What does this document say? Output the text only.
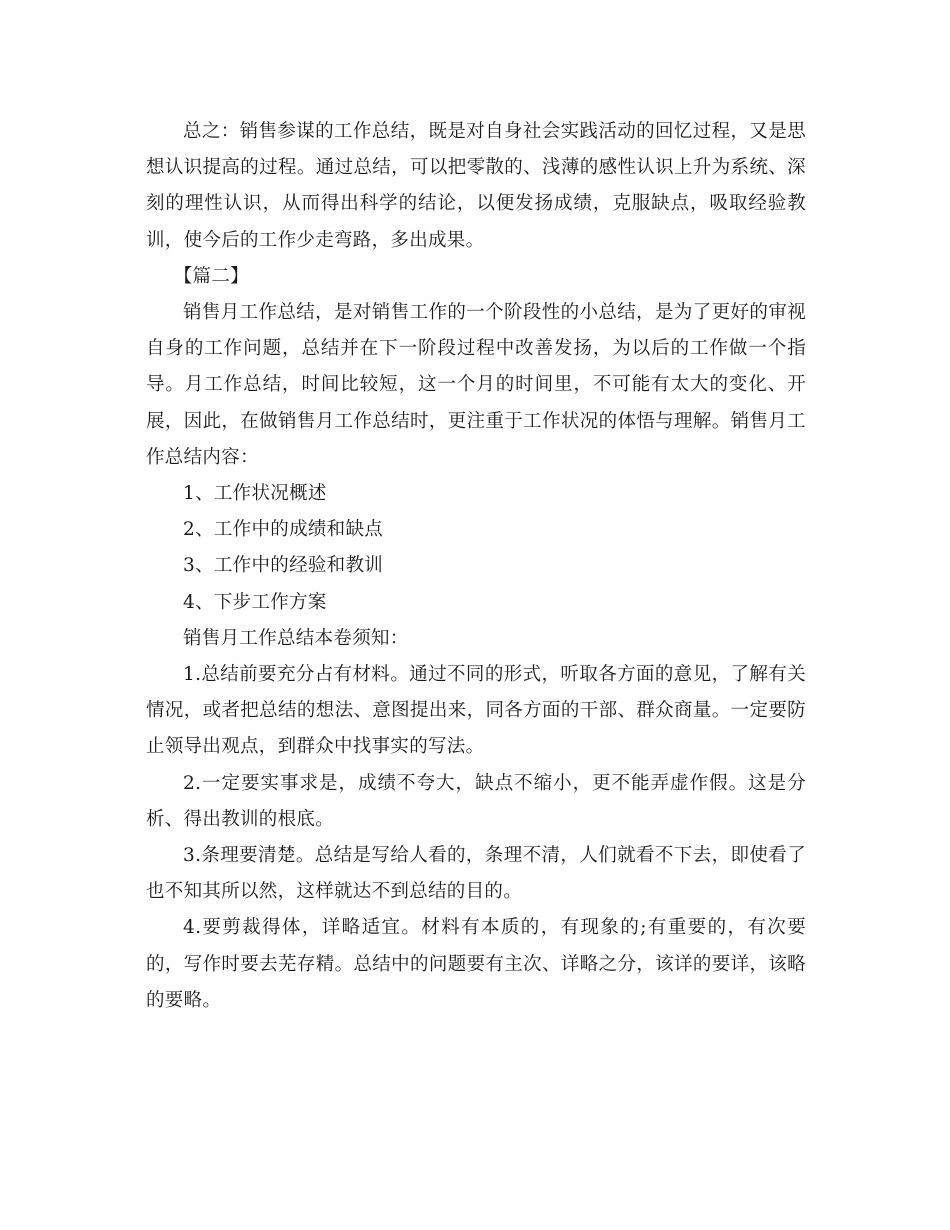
总之：销售参谋的工作总结，既是对自身社会实践活动的回忆过程，又是思想认识提高的过程。通过总结，可以把零散的、浅薄的感性认识上升为系统、深刻的理性认识，从而得出科学的结论，以便发扬成绩，克服缺点，吸取经验教训，使今后的工作少走弯路，多出成果。

【篇二】

销售月工作总结，是对销售工作的一个阶段性的小总结，是为了更好的审视自身的工作问题，总结并在下一阶段过程中改善发扬，为以后的工作做一个指导。月工作总结，时间比较短，这一个月的时间里，不可能有太大的变化、开展，因此，在做销售月工作总结时，更注重于工作状况的体悟与理解。销售月工作总结内容：

1、工作状况概述

2、工作中的成绩和缺点

3、工作中的经验和教训

4、下步工作方案

销售月工作总结本卷须知：

1.总结前要充分占有材料。通过不同的形式，听取各方面的意见，了解有关情况，或者把总结的想法、意图提出来，同各方面的干部、群众商量。一定要防止领导出观点，到群众中找事实的写法。

2.一定要实事求是，成绩不夸大，缺点不缩小，更不能弄虚作假。这是分析、得出教训的根底。

3.条理要清楚。总结是写给人看的，条理不清，人们就看不下去，即使看了也不知其所以然，这样就达不到总结的目的。

4.要剪裁得体，详略适宜。材料有本质的，有现象的;有重要的，有次要的，写作时要去芜存精。总结中的问题要有主次、详略之分，该详的要详，该略的要略。
